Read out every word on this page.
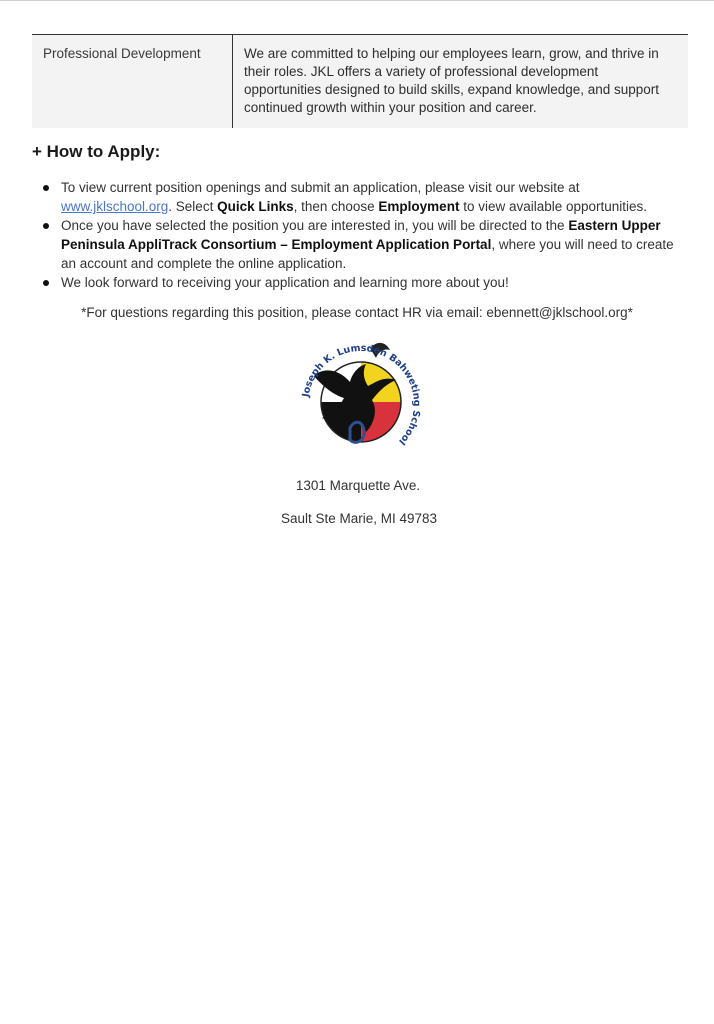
Professional Development	We are committed to helping our employees learn, grow, and thrive in their roles. JKL offers a variety of professional development opportunities designed to build skills, expand knowledge, and support continued growth within your position and career.
+ How to Apply:
To view current position openings and submit an application, please visit our website at www.jklschool.org. Select Quick Links, then choose Employment to view available opportunities.
Once you have selected the position you are interested in, you will be directed to the Eastern Upper Peninsula AppliTrack Consortium – Employment Application Portal, where you will need to create an account and complete the online application.
We look forward to receiving your application and learning more about you!
*For questions regarding this position, please contact HR via email: ebennett@jklschool.org*
Joseph K. Lumsden Bahweting School
1301 Marquette Ave.
Sault Ste Marie, MI 49783
